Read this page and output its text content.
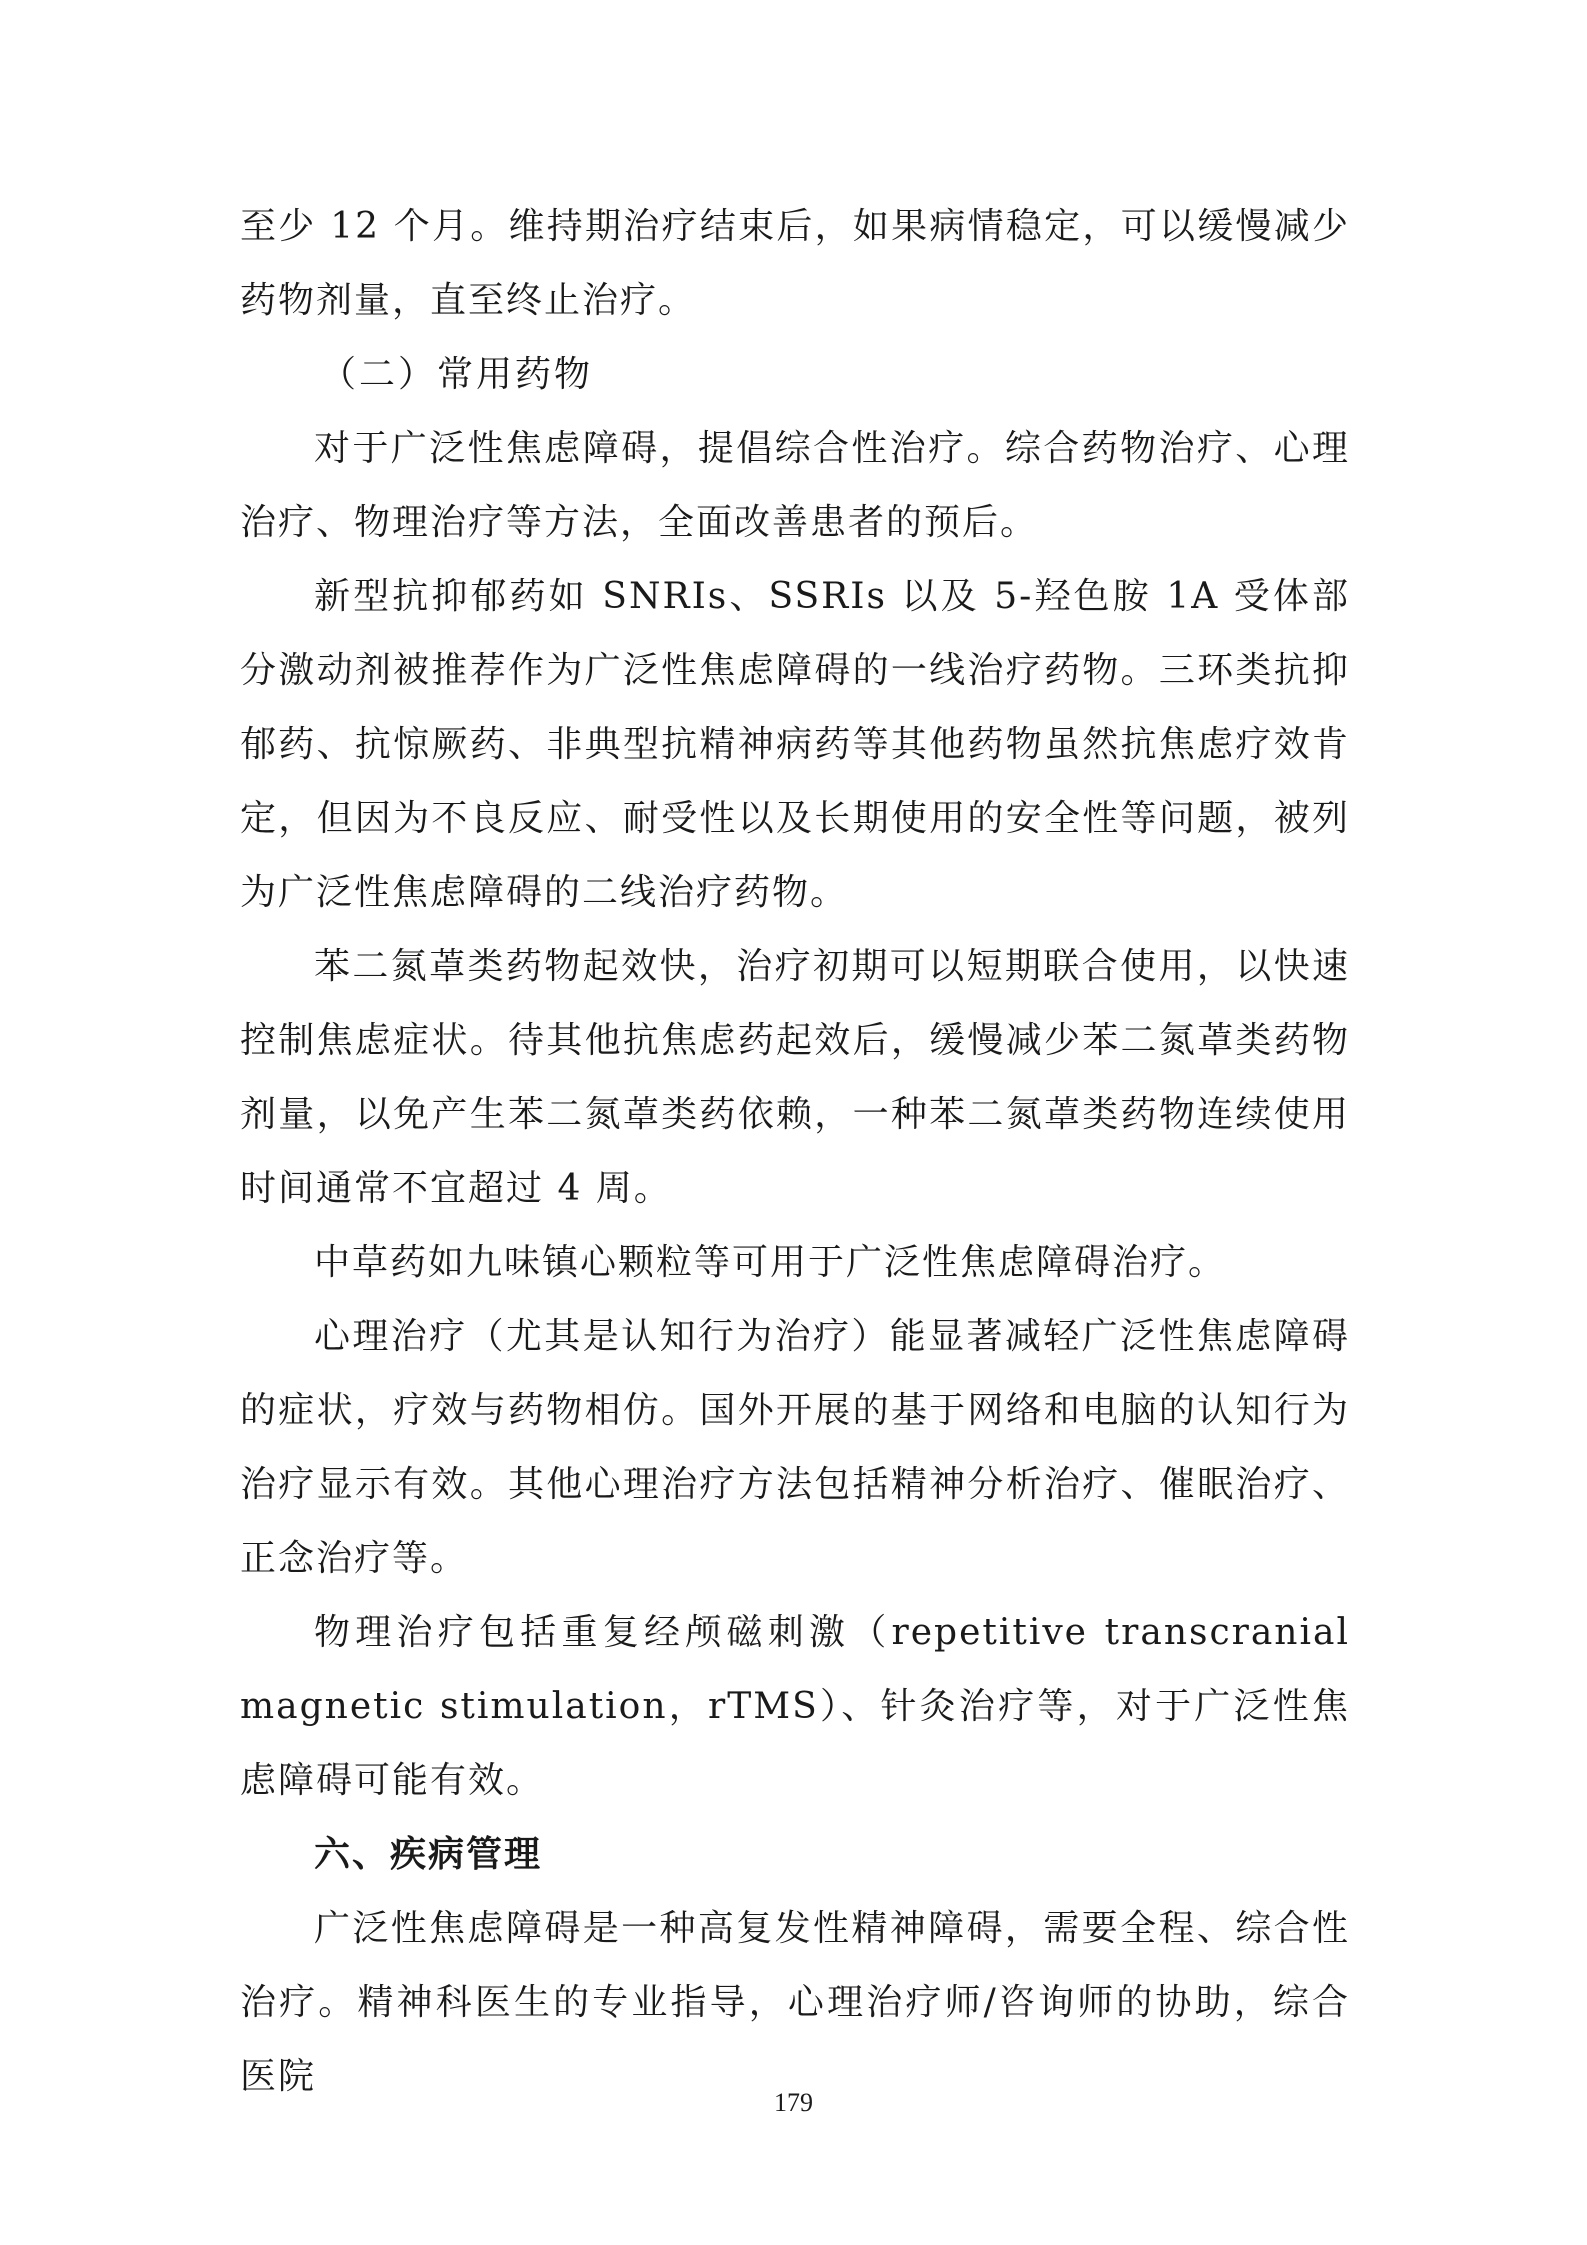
至少 12 个月。维持期治疗结束后，如果病情稳定，可以缓慢减少药物剂量，直至终止治疗。

（二）常用药物

对于广泛性焦虑障碍，提倡综合性治疗。综合药物治疗、心理治疗、物理治疗等方法，全面改善患者的预后。

新型抗抑郁药如 SNRIs、SSRIs 以及 5-羟色胺 1A 受体部分激动剂被推荐作为广泛性焦虑障碍的一线治疗药物。三环类抗抑郁药、抗惊厥药、非典型抗精神病药等其他药物虽然抗焦虑疗效肯定，但因为不良反应、耐受性以及长期使用的安全性等问题，被列为广泛性焦虑障碍的二线治疗药物。

苯二氮䓬类药物起效快，治疗初期可以短期联合使用，以快速控制焦虑症状。待其他抗焦虑药起效后，缓慢减少苯二氮䓬类药物剂量，以免产生苯二氮䓬类药依赖，一种苯二氮䓬类药物连续使用时间通常不宜超过 4 周。

中草药如九味镇心颗粒等可用于广泛性焦虑障碍治疗。

心理治疗（尤其是认知行为治疗）能显著减轻广泛性焦虑障碍的症状，疗效与药物相仿。国外开展的基于网络和电脑的认知行为治疗显示有效。其他心理治疗方法包括精神分析治疗、催眠治疗、正念治疗等。

物理治疗包括重复经颅磁刺激（repetitive transcranial magnetic stimulation，rTMS）、针灸治疗等，对于广泛性焦虑障碍可能有效。

六、疾病管理

广泛性焦虑障碍是一种高复发性精神障碍，需要全程、综合性治疗。精神科医生的专业指导，心理治疗师/咨询师的协助，综合医院

179
